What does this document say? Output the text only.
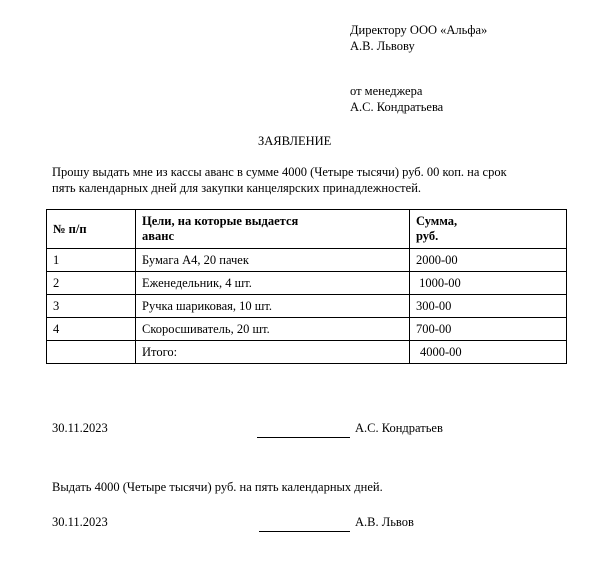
Директору ООО «Альфа»
А.В. Львову
от менеджера
А.С. Кондратьева
ЗАЯВЛЕНИЕ
Прошу выдать мне из кассы аванс в сумме 4000 (Четыре тысячи) руб. 00 коп. на срок
пять календарных дней для закупки канцелярских принадлежностей.
№ п/п	Цели, на которые выдается аванс	Сумма, руб.

1	Бумага А4, 20 пачек	2000-00
2	Еженедельник, 4 шт.	1000-00
3	Ручка шариковая, 10 шт.	300-00
4	Скоросшиватель, 20 шт.	700-00
	Итого:	4000-00
30.11.2023	А.С. Кондратьев
Выдать 4000 (Четыре тысячи) руб. на пять календарных дней.
30.11.2023	А.В. Львов
